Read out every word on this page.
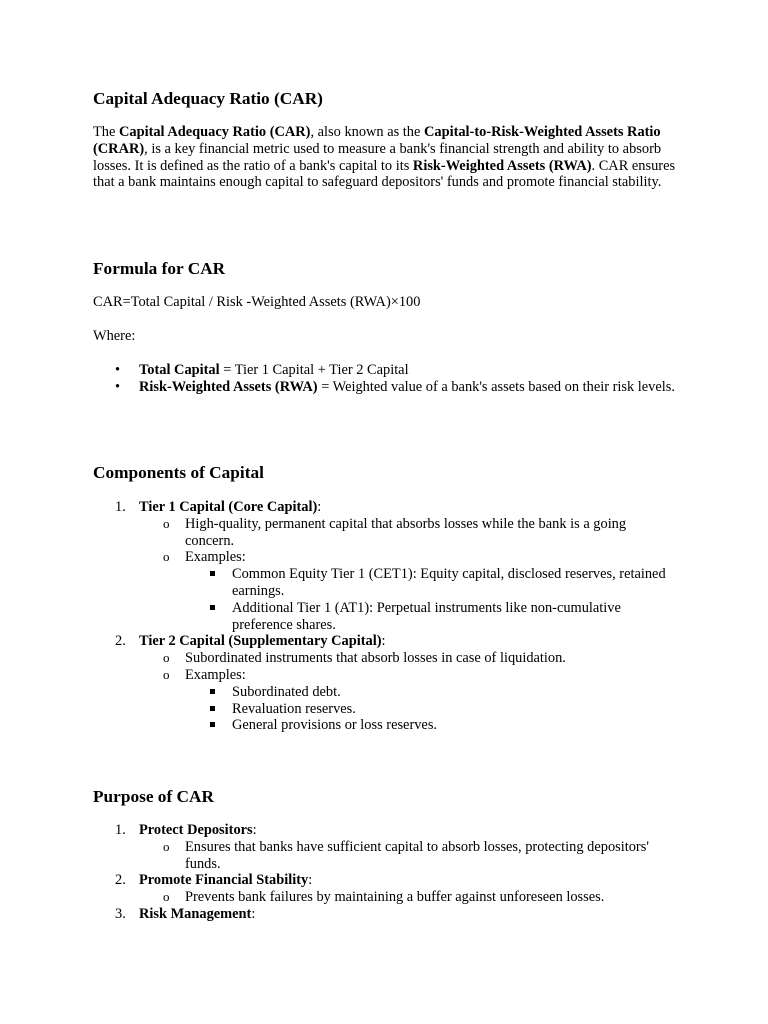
Capital Adequacy Ratio (CAR)

The Capital Adequacy Ratio (CAR), also known as the Capital-to-Risk-Weighted Assets Ratio (CRAR), is a key financial metric used to measure a bank's financial strength and ability to absorb losses. It is defined as the ratio of a bank's capital to its Risk-Weighted Assets (RWA). CAR ensures that a bank maintains enough capital to safeguard depositors' funds and promote financial stability.

Formula for CAR

CAR=Total Capital / Risk -Weighted Assets (RWA)×100

Where:

• Total Capital = Tier 1 Capital + Tier 2 Capital
• Risk-Weighted Assets (RWA) = Weighted value of a bank's assets based on their risk levels.
Components of Capital
1. Tier 1 Capital (Core Capital):
o High-quality, permanent capital that absorbs losses while the bank is a going concern.
o Examples:
Common Equity Tier 1 (CET1): Equity capital, disclosed reserves, retained earnings.
Additional Tier 1 (AT1): Perpetual instruments like non-cumulative preference shares.
2. Tier 2 Capital (Supplementary Capital):
o Subordinated instruments that absorb losses in case of liquidation.
o Examples:
Subordinated debt.
Revaluation reserves.
General provisions or loss reserves.
Purpose of CAR
1. Protect Depositors:
o Ensures that banks have sufficient capital to absorb losses, protecting depositors' funds.
2. Promote Financial Stability:
o Prevents bank failures by maintaining a buffer against unforeseen losses.
3. Risk Management:
